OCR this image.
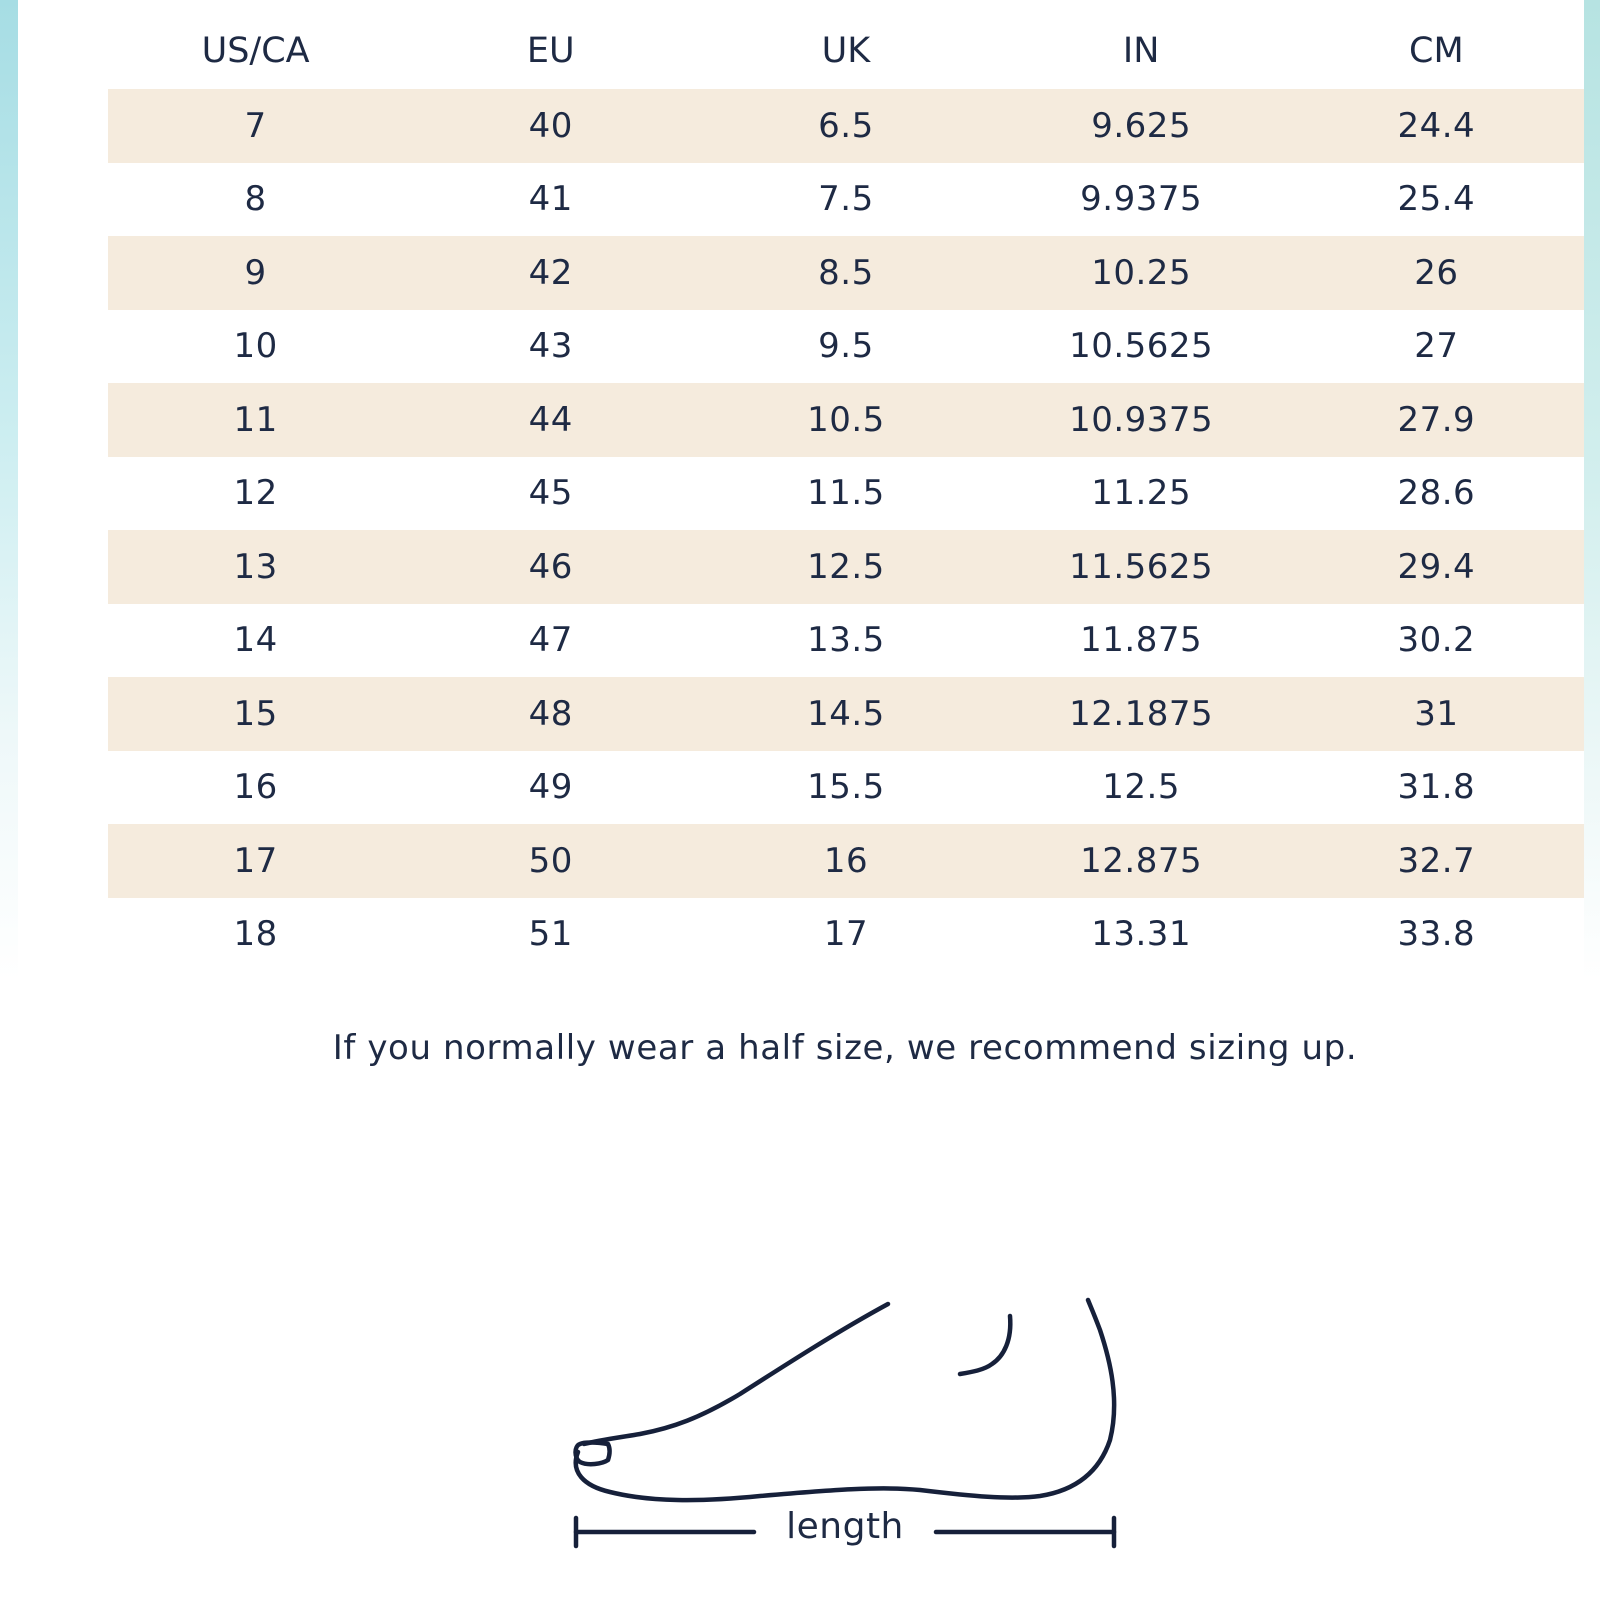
US/CA	EU	UK	IN	CM
7	40	6.5	9.625	24.4
8	41	7.5	9.9375	25.4
9	42	8.5	10.25	26
10	43	9.5	10.5625	27
11	44	10.5	10.9375	27.9
12	45	11.5	11.25	28.6
13	46	12.5	11.5625	29.4
14	47	13.5	11.875	30.2
15	48	14.5	12.1875	31
16	49	15.5	12.5	31.8
17	50	16	12.875	32.7
18	51	17	13.31	33.8
If you normally wear a half size, we recommend sizing up.
length
